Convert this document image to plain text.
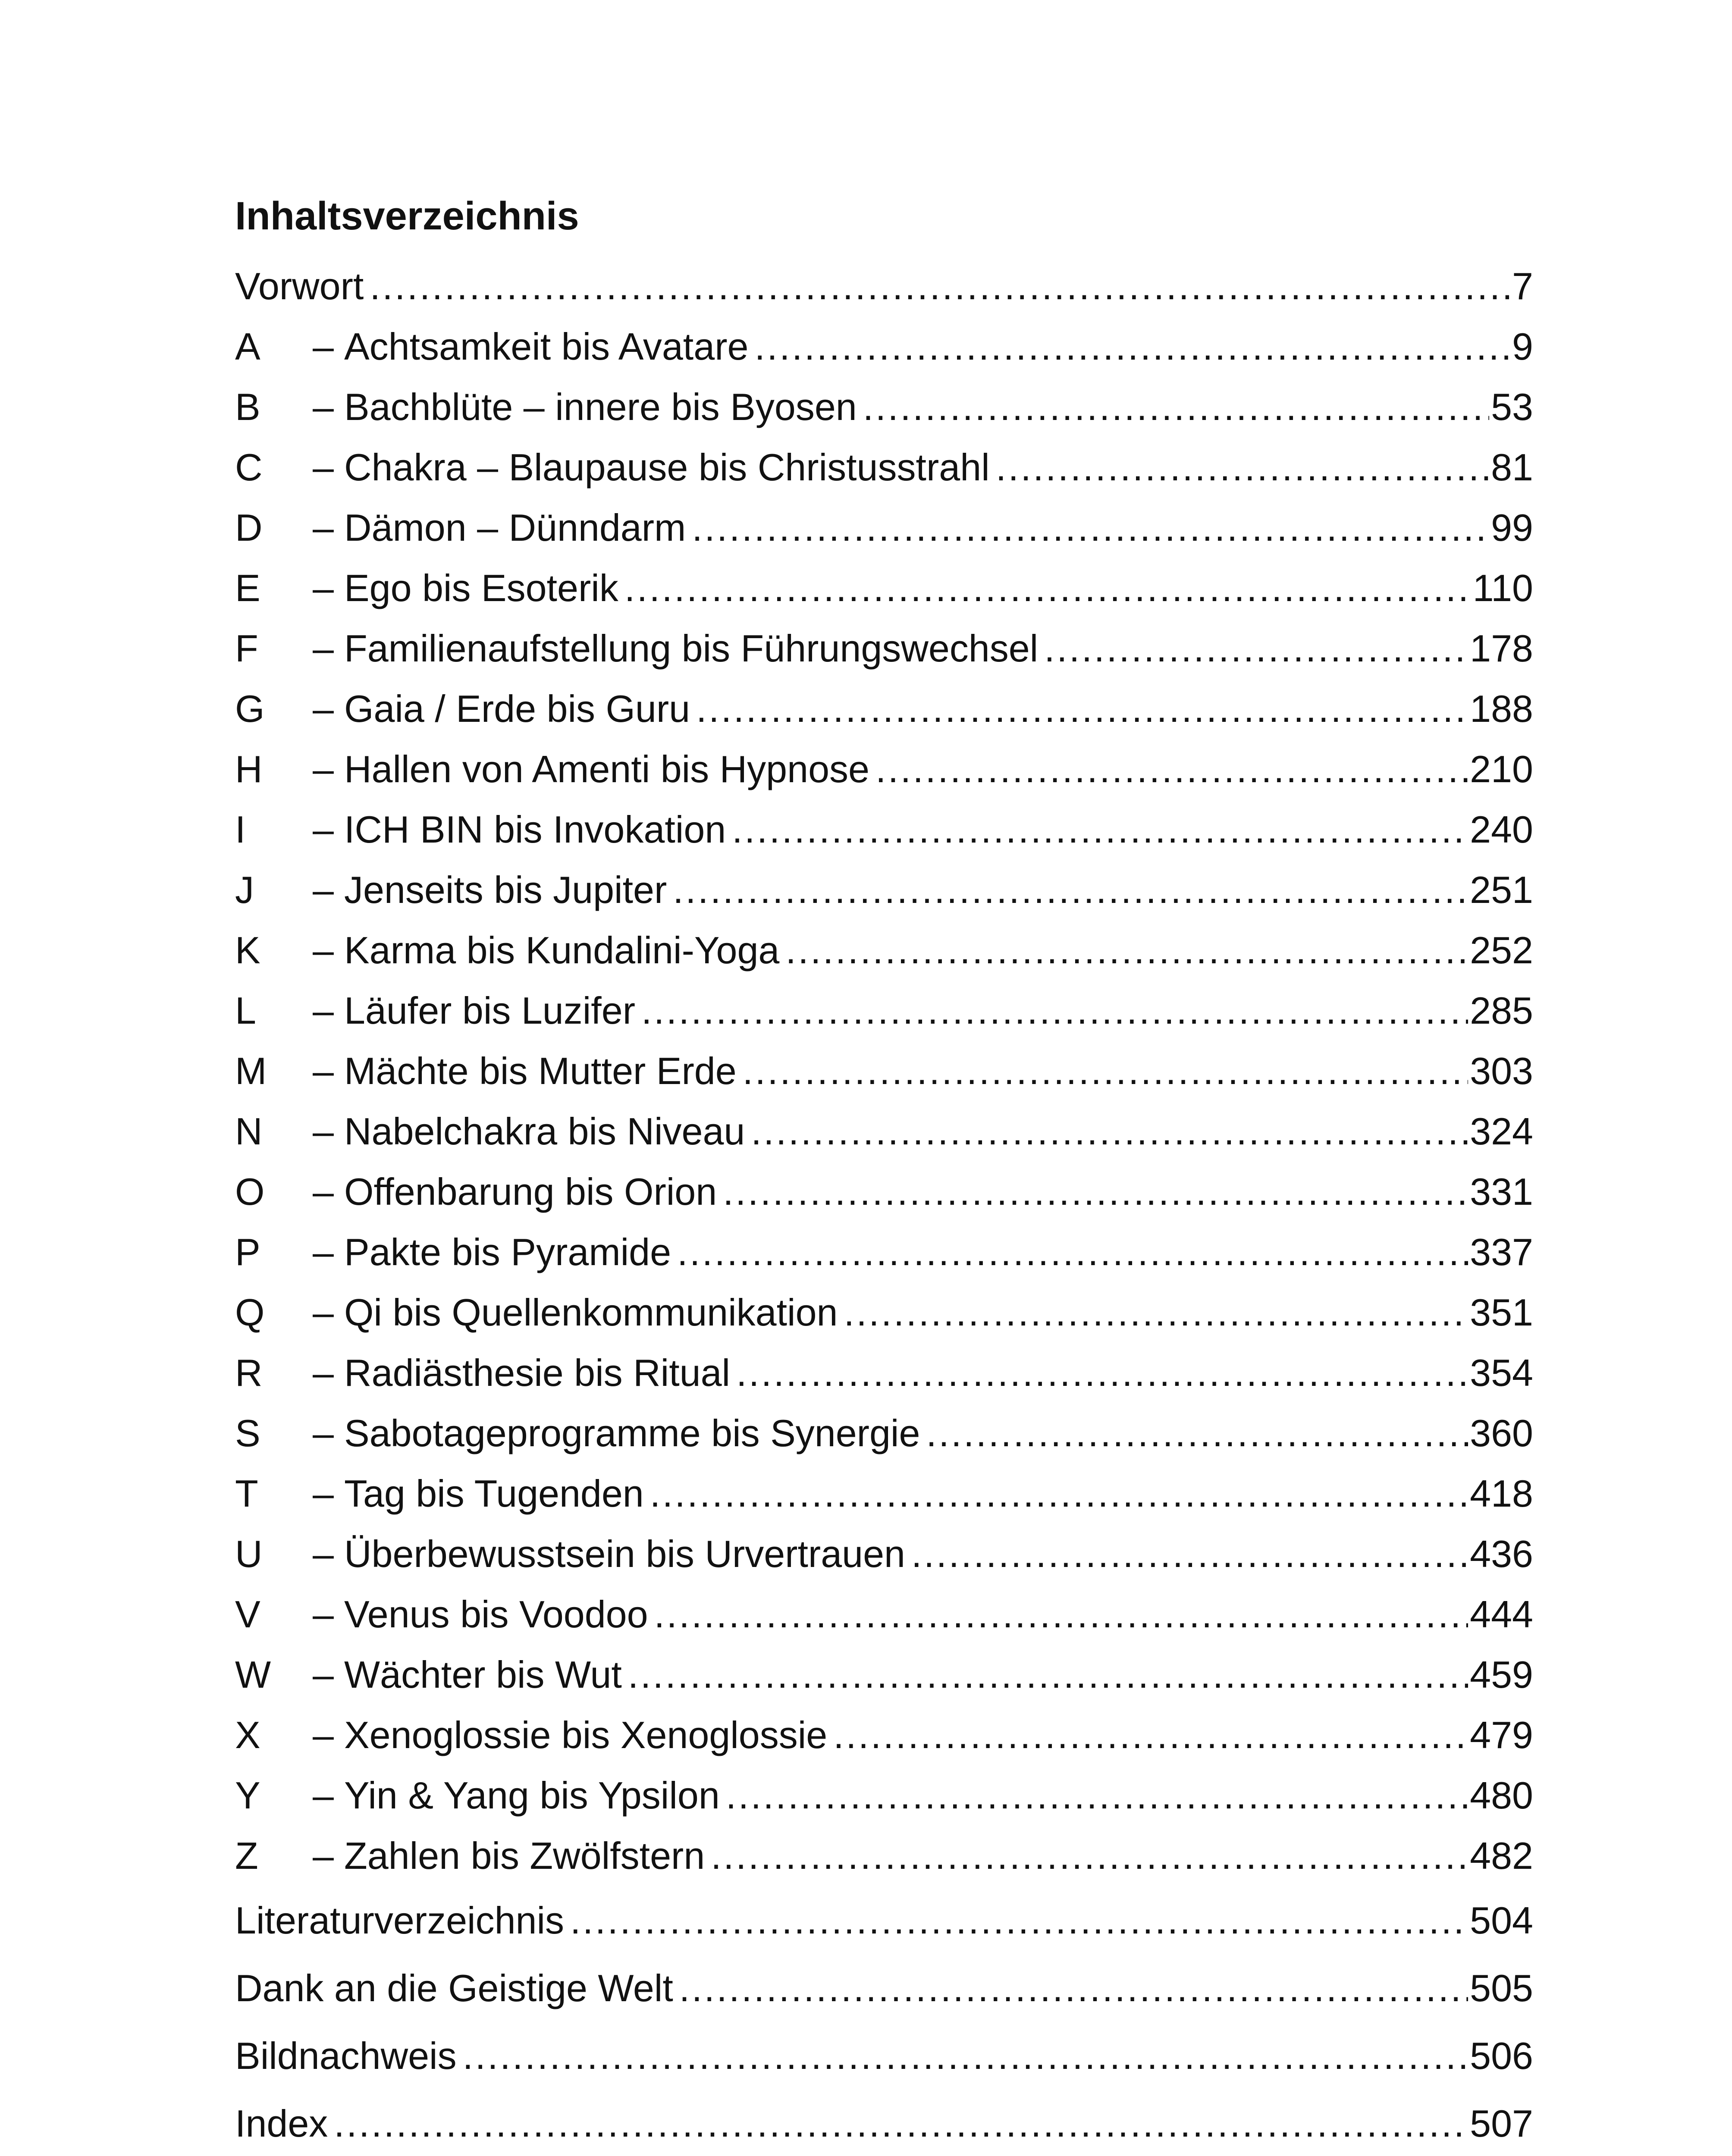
Inhaltsverzeichnis
Vorwort .....	7
A	– Achtsamkeit bis Avatare .....	9
B	– Bachblüte – innere bis Byosen .....	53
C	– Chakra – Blaupause bis Christusstrahl .....	81
D	– Dämon – Dünndarm .....	99
E	– Ego bis Esoterik .....	110
F	– Familienaufstellung bis Führungswechsel .....	178
G	– Gaia / Erde bis Guru .....	188
H	– Hallen von Amenti bis Hypnose .....	210
I	– ICH BIN bis Invokation .....	240
J	– Jenseits bis Jupiter .....	251
K	– Karma bis Kundalini-Yoga .....	252
L	– Läufer bis Luzifer .....	285
M	– Mächte bis Mutter Erde .....	303
N	– Nabelchakra bis Niveau .....	324
O	– Offenbarung bis Orion .....	331
P	– Pakte bis Pyramide .....	337
Q	– Qi bis Quellenkommunikation .....	351
R	– Radiästhesie bis Ritual .....	354
S	– Sabotageprogramme bis Synergie .....	360
T	– Tag bis Tugenden .....	418
U	– Überbewusstsein bis Urvertrauen .....	436
V	– Venus bis Voodoo .....	444
W	– Wächter bis Wut .....	459
X	– Xenoglossie bis Xenoglossie .....	479
Y	– Yin & Yang bis Ypsilon .....	480
Z	– Zahlen bis Zwölfstern .....	482
Literaturverzeichnis .....	504
Dank an die Geistige Welt .....	505
Bildnachweis .....	506
Index .....	507
